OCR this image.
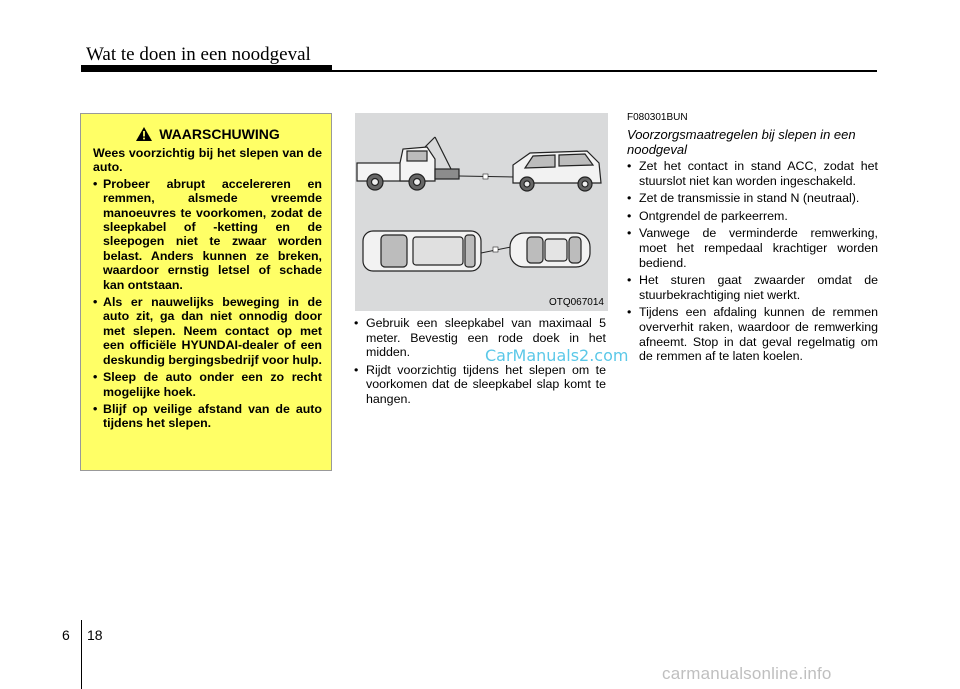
Wat te doen in een noodgeval
WAARSCHUWING

Wees voorzichtig bij het slepen van de auto.

• Probeer abrupt accelereren en remmen, alsmede vreemde manoeuvres te voorkomen, zodat de sleepkabel of -ketting en de sleepogen niet te zwaar worden belast. Anders kunnen ze breken, waardoor ernstig letsel of schade kan ontstaan.
• Als er nauwelijks beweging in de auto zit, ga dan niet onnodig door met slepen. Neem contact op met een officiële HYUNDAI-dealer of een deskundig bergingsbedrijf voor hulp.
• Sleep de auto onder een zo recht mogelijke hoek.
• Blijf op veilige afstand van de auto tijdens het slepen.
OTQ067014
• Gebruik een sleepkabel van maximaal 5 meter. Bevestig een rode doek in het midden.
• Rijdt voorzichtig tijdens het slepen om te voorkomen dat de sleepkabel slap komt te hangen.
CarManuals2.com
F080301BUN
Voorzorgsmaatregelen bij slepen in een noodgeval
• Zet het contact in stand ACC, zodat het stuurslot niet kan worden ingeschakeld.
• Zet de transmissie in stand N (neutraal).
• Ontgrendel de parkeerrem.
• Vanwege de verminderde remwerking, moet het rempedaal krachtiger worden bediend.
• Het sturen gaat zwaarder omdat de stuurbekrachtiging niet werkt.
• Tijdens een afdaling kunnen de remmen oververhit raken, waardoor de remwerking afneemt. Stop in dat geval regelmatig om de remmen af te laten koelen.
6 18
carmanualsonline.info
